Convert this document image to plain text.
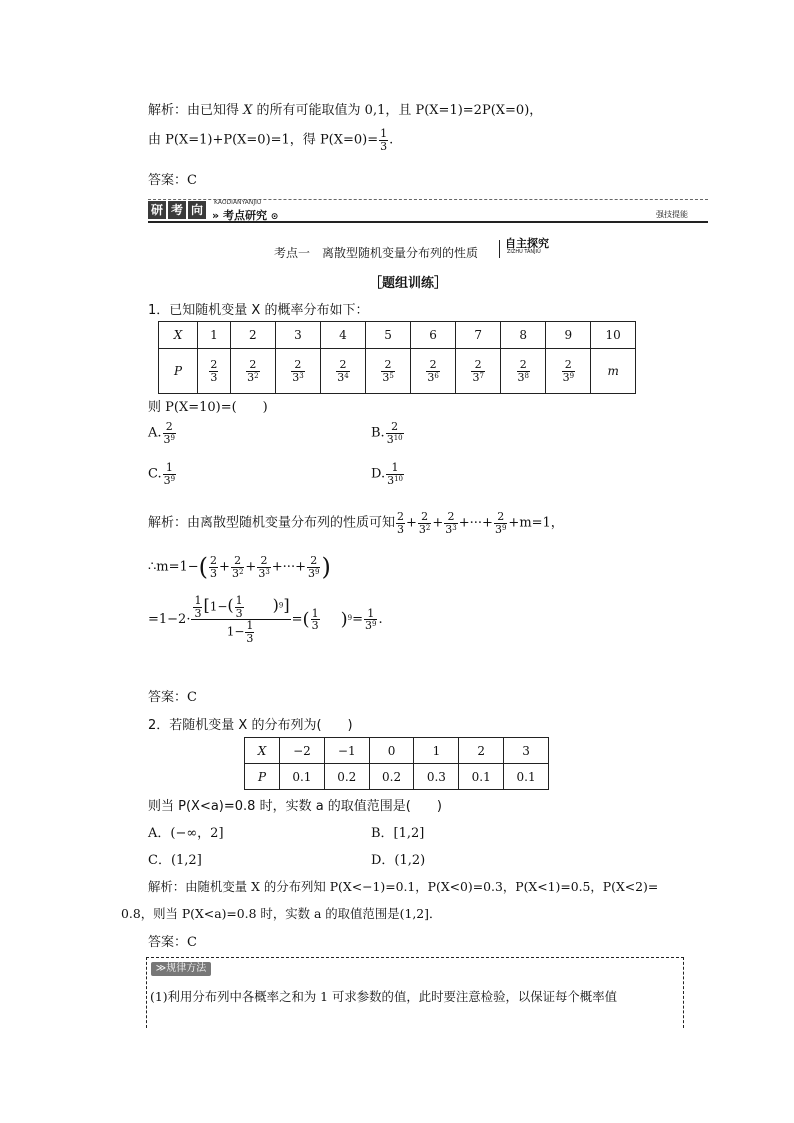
解析：由已知得 X 的所有可能取值为 0,1，且 P(X=1)=2P(X=0)，
由 P(X=1)+P(X=0)=1，得 $P(X=0)= \frac{1}{3}$ .
答案：C
研 考 向
KAODIANYANJIU
» 考点研究 ⊙	强技提能
考点一　离散型随机变量分布列的性质
自主探究
ZIZHU TANJIU
［题组训练］
1．已知随机变量 X 的概率分布如下：
X	1	2	3	4	5	6	7	8	9	10
P	$\frac{2}{3}$	$\frac{2}{3^2}$	$\frac{2}{3^3}$	$\frac{2}{3^4}$	$\frac{2}{3^5}$	$\frac{2}{3^6}$	$\frac{2}{3^7}$	$\frac{2}{3^8}$	$\frac{2}{3^9}$	m
则 P(X=10)=(　　)
A. $\frac{2}{3^9}$	B. $\frac{2}{3^{10}}$
C. $\frac{1}{3^9}$	D. $\frac{1}{3^{10}}$
解析：由离散型随机变量分布列的性质可知 $\frac{2}{3} + \frac{2}{3^2} + \frac{2}{3^3}$ +···+ $\frac{2}{3^9} +m=1$，
∴m=1−( $\frac{2}{3} + \frac{2}{3^2} + \frac{2}{3^3}$ +···+ $\frac{2}{3^9}$ )
$=1-2\cdot \frac{\frac{1}{3} [1-( \frac{1}{3} )^9]}{1- \frac{1}{3}}$ =( $\frac{1}{3} )^9= \frac{1}{3^9}$ .
答案：C
2．若随机变量 X 的分布列为(　　)
X	−2	−1	0	1	2	3
P	0.1	0.2	0.2	0.3	0.1	0.1
则当 P(X<a)=0.8 时，实数 a 的取值范围是(　　)
A．(−∞，2]	B．[1,2]
C．(1,2]	D．(1,2)
解析：由随机变量 X 的分布列知 P(X<−1)=0.1，P(X<0)=0.3，P(X<1)=0.5，P(X<2)=
0.8，则当 P(X<a)=0.8 时，实数 a 的取值范围是(1,2]．
答案：C
≫规律方法
(1)利用分布列中各概率之和为 1 可求参数的值，此时要注意检验，以保证每个概率值
